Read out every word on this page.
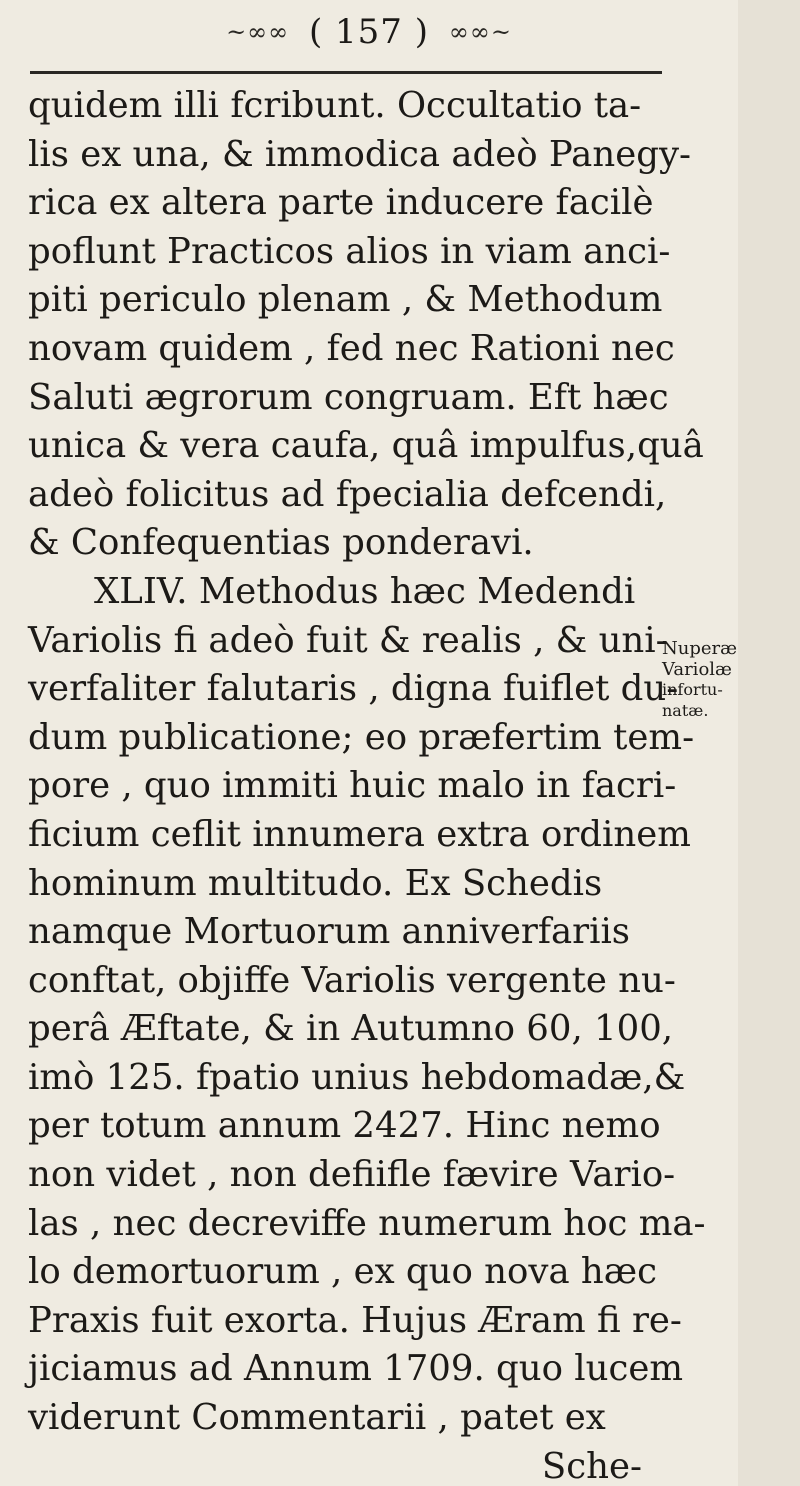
~∞∞ ( 157 ) ∞∞~
quidem illi fcribunt. Occultatio ta-
lis ex una, & immodica adeò Panegy-
rica ex altera parte inducere facilè
poflunt Practicos alios in viam anci-
piti periculo plenam , & Methodum
novam quidem , fed nec Rationi nec
Saluti ægrorum congruam. Eft hæc
unica & vera caufa, quâ impulfus,quâ
adeò folicitus ad fpecialia defcendi,
& Confequentias ponderavi.
XLIV. Methodus hæc Medendi
Variolis fi adeò fuit & realis , & uni-
verfaliter falutaris , digna fuiflet du-
dum publicatione; eo præfertim tem-
pore , quo immiti huic malo in facri-
ficium ceflit innumera extra ordinem
hominum multitudo. Ex Schedis
namque Mortuorum anniverfariis
conftat, objiffe Variolis vergente nu-
perâ Æftate, & in Autumno 60, 100,
imò 125. fpatio unius hebdomadæ,&
per totum annum 2427. Hinc nemo
non videt , non defiifle fævire Vario-
las , nec decreviffe numerum hoc ma-
lo demortuorum , ex quo nova hæc
Praxis fuit exorta. Hujus Æram fi re-
jiciamus ad Annum 1709. quo lucem
viderunt Commentarii , patet ex
Sche-
Nuperæ
Variolæ
infortu-
natæ.
